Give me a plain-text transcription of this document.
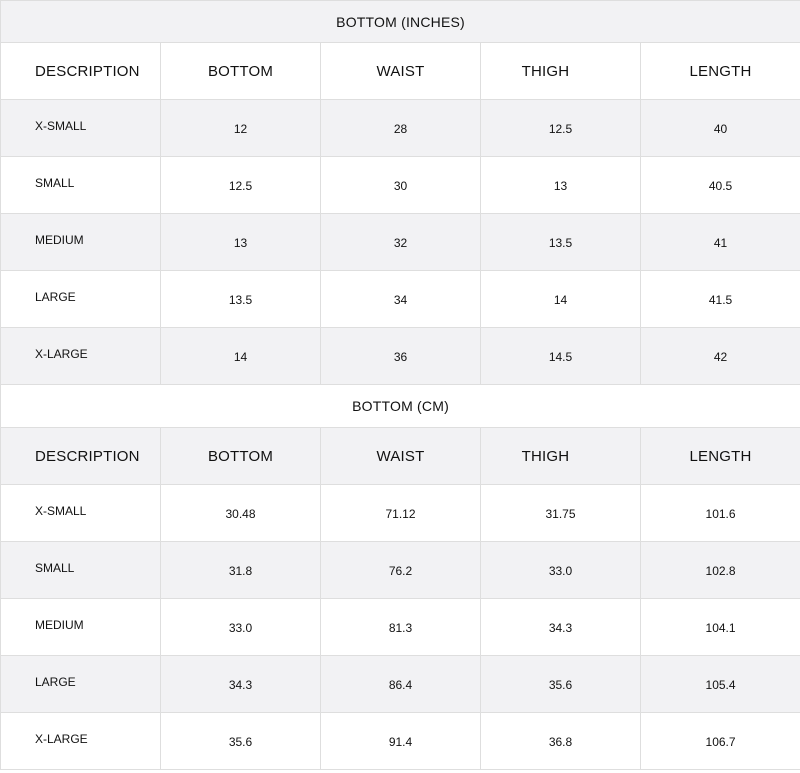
BOTTOM (INCHES)				
DESCRIPTION	BOTTOM	WAIST	THIGH	LENGTH
X-SMALL	12	28	12.5	40
SMALL	12.5	30	13	40.5
MEDIUM	13	32	13.5	41
LARGE	13.5	34	14	41.5
X-LARGE	14	36	14.5	42
BOTTOM (CM)				
DESCRIPTION	BOTTOM	WAIST	THIGH	LENGTH
X-SMALL	30.48	71.12	31.75	101.6
SMALL	31.8	76.2	33.0	102.8
MEDIUM	33.0	81.3	34.3	104.1
LARGE	34.3	86.4	35.6	105.4
X-LARGE	35.6	91.4	36.8	106.7
